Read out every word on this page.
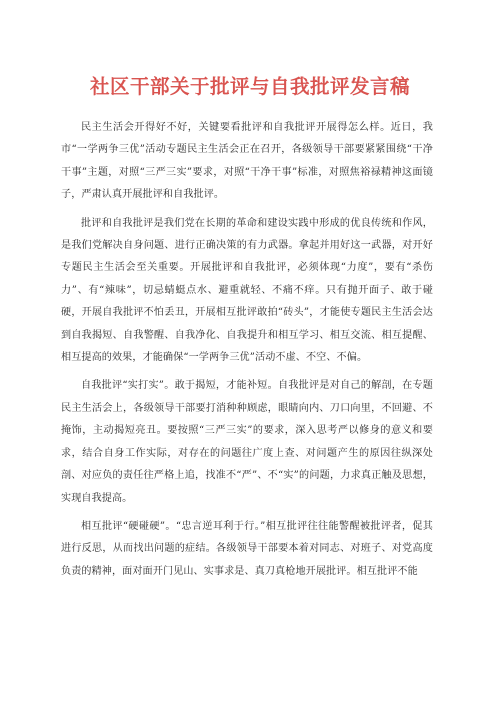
社区干部关于批评与自我批评发言稿

民主生活会开得好不好，关键要看批评和自我批评开展得怎么样。近日，我市“一学两争三优”活动专题民主生活会正在召开，各级领导干部要紧紧围绕“干净干事”主题，对照“三严三实”要求，对照“干净干事”标准，对照焦裕禄精神这面镜子，严肃认真开展批评和自我批评。

批评和自我批评是我们党在长期的革命和建设实践中形成的优良传统和作风，是我们党解决自身问题、进行正确决策的有力武器。拿起并用好这一武器，对开好专题民主生活会至关重要。开展批评和自我批评，必须体现“力度”，要有“杀伤力”、有“辣味”，切忌蜻蜓点水、避重就轻、不痛不痒。只有抛开面子、敢于碰硬，开展自我批评不怕丢丑，开展相互批评敢拍“砖头”，才能使专题民主生活会达到自我揭短、自我警醒、自我净化、自我提升和相互学习、相互交流、相互提醒、相互提高的效果，才能确保“一学两争三优”活动不虚、不空、不偏。

自我批评“实打实”。敢于揭短，才能补短。自我批评是对自己的解剖，在专题民主生活会上，各级领导干部要打消种种顾虑，眼睛向内、刀口向里，不回避、不掩饰，主动揭短亮丑。要按照“三严三实”的要求，深入思考严以修身的意义和要求，结合自身工作实际，对存在的问题往广度上查、对问题产生的原因往纵深处剖、对应负的责任往严格上追，找准不“严”、不“实”的问题，力求真正触及思想，实现自我提高。

相互批评“硬碰硬”。“忠言逆耳利于行。”相互批评往往能警醒被批评者，促其进行反思，从而找出问题的症结。各级领导干部要本着对同志、对班子、对党高度负责的精神，面对面开门见山、实事求是、真刀真枪地开展批评。相互批评不能
